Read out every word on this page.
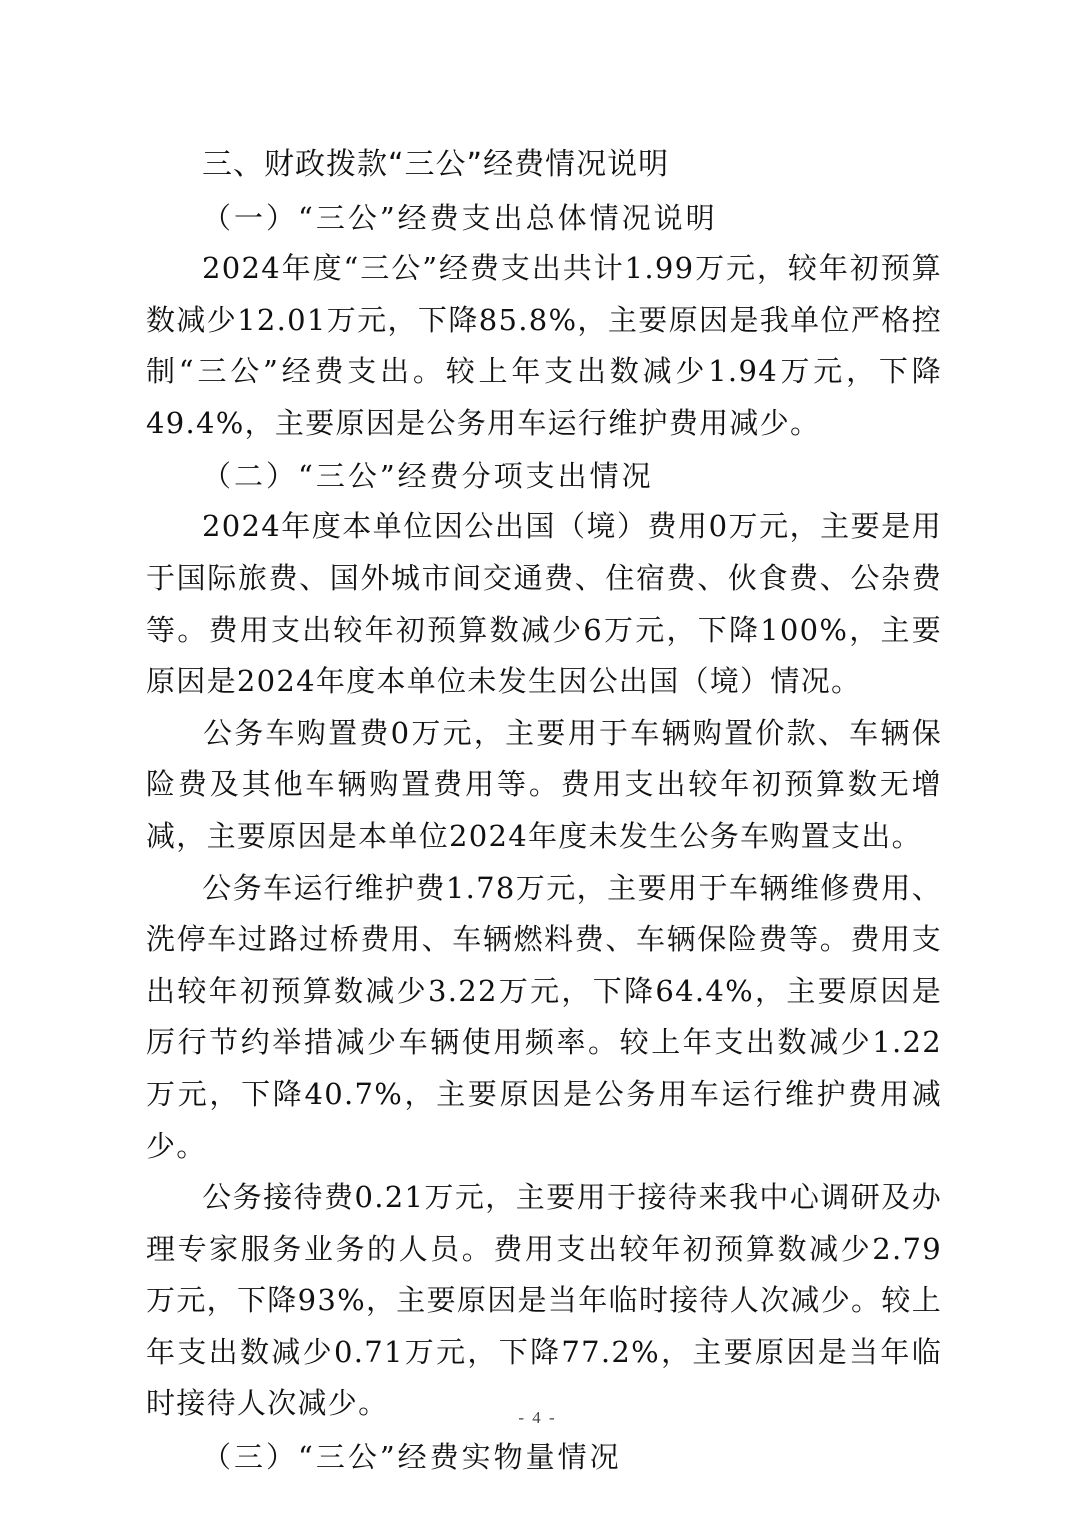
三、财政拨款“三公”经费情况说明
（一）“三公”经费支出总体情况说明
2024年度“三公”经费支出共计1.99万元，较年初预算数减少12.01万元，下降85.8%，主要原因是我单位严格控制“三公”经费支出。较上年支出数减少1.94万元，下降49.4%，主要原因是公务用车运行维护费用减少。
（二）“三公”经费分项支出情况
2024年度本单位因公出国（境）费用0万元，主要是用于国际旅费、国外城市间交通费、住宿费、伙食费、公杂费等。费用支出较年初预算数减少6万元，下降100%，主要原因是2024年度本单位未发生因公出国（境）情况。
公务车购置费0万元，主要用于车辆购置价款、车辆保险费及其他车辆购置费用等。费用支出较年初预算数无增减，主要原因是本单位2024年度未发生公务车购置支出。
公务车运行维护费1.78万元，主要用于车辆维修费用、洗停车过路过桥费用、车辆燃料费、车辆保险费等。费用支出较年初预算数减少3.22万元，下降64.4%，主要原因是厉行节约举措减少车辆使用频率。较上年支出数减少1.22万元，下降40.7%，主要原因是公务用车运行维护费用减少。
公务接待费0.21万元，主要用于接待来我中心调研及办理专家服务业务的人员。费用支出较年初预算数减少2.79万元，下降93%，主要原因是当年临时接待人次减少。较上年支出数减少0.71万元，下降77.2%，主要原因是当年临时接待人次减少。
（三）“三公”经费实物量情况
- 4 -
